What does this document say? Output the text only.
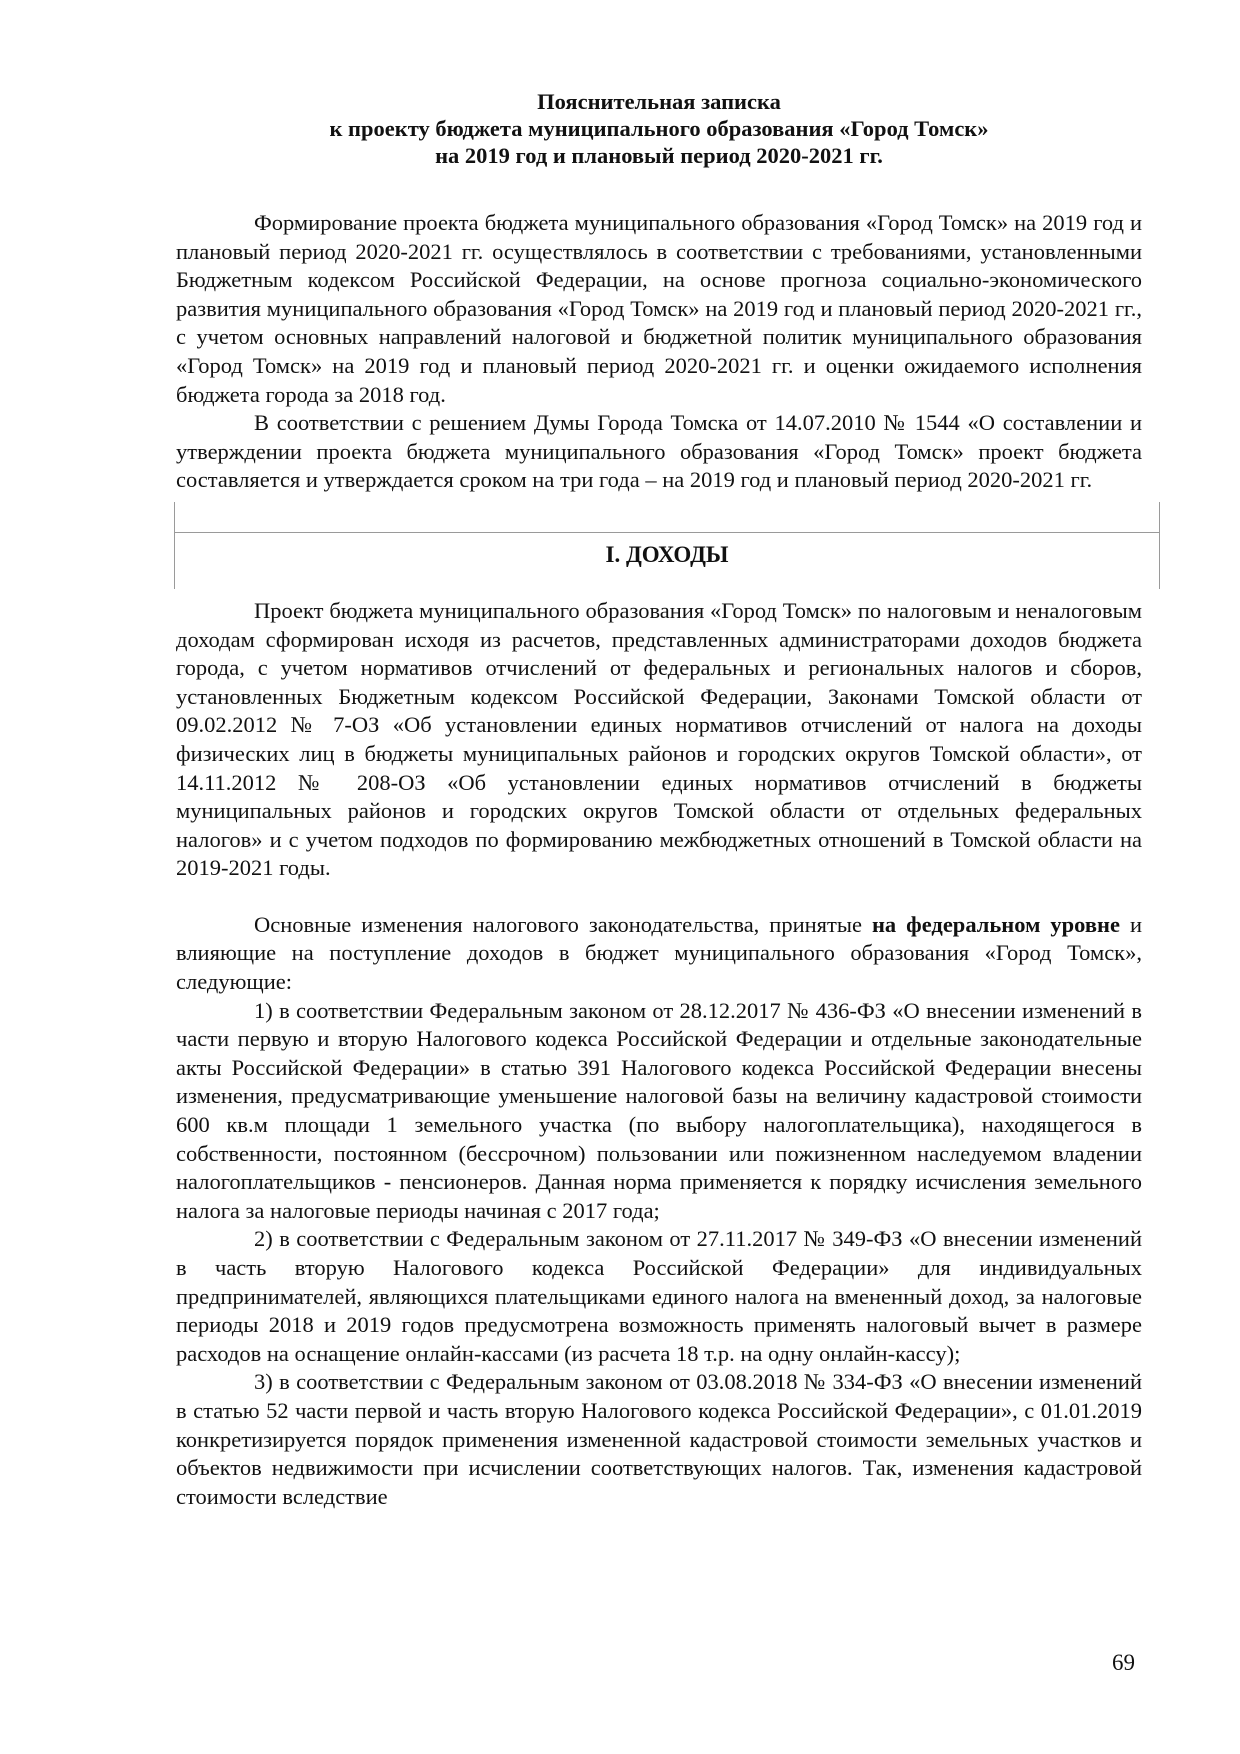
Пояснительная записка
к проекту бюджета муниципального образования «Город Томск»
на 2019 год и плановый период 2020-2021 гг.

Формирование проекта бюджета муниципального образования «Город Томск» на 2019 год и плановый период 2020-2021 гг. осуществлялось в соответствии с требованиями, установленными Бюджетным кодексом Российской Федерации, на основе прогноза социально-экономического развития муниципального образования «Город Томск» на 2019 год и плановый период 2020-2021 гг., с учетом основных направлений налоговой и бюджетной политик муниципального образования «Город Томск» на 2019 год и плановый период 2020-2021 гг. и оценки ожидаемого исполнения бюджета города за 2018 год.

В соответствии с решением Думы Города Томска от 14.07.2010 № 1544 «О составлении и утверждении проекта бюджета муниципального образования «Город Томск» проект бюджета составляется и утверждается сроком на три года – на 2019 год и плановый период 2020-2021 гг.

I. ДОХОДЫ

Проект бюджета муниципального образования «Город Томск» по налоговым и неналоговым доходам сформирован исходя из расчетов, представленных администраторами доходов бюджета города, с учетом нормативов отчислений от федеральных и региональных налогов и сборов, установленных Бюджетным кодексом Российской Федерации, Законами Томской области от 09.02.2012 № 7-ОЗ «Об установлении единых нормативов отчислений от налога на доходы физических лиц в бюджеты муниципальных районов и городских округов Томской области», от 14.11.2012 № 208-ОЗ «Об установлении единых нормативов отчислений в бюджеты муниципальных районов и городских округов Томской области от отдельных федеральных налогов» и с учетом подходов по формированию межбюджетных отношений в Томской области на 2019-2021 годы.

Основные изменения налогового законодательства, принятые на федеральном уровне и влияющие на поступление доходов в бюджет муниципального образования «Город Томск», следующие:

1) в соответствии Федеральным законом от 28.12.2017 № 436-ФЗ «О внесении изменений в части первую и вторую Налогового кодекса Российской Федерации и отдельные законодательные акты Российской Федерации» в статью 391 Налогового кодекса Российской Федерации внесены изменения, предусматривающие уменьшение налоговой базы на величину кадастровой стоимости 600 кв.м площади 1 земельного участка (по выбору налогоплательщика), находящегося в собственности, постоянном (бессрочном) пользовании или пожизненном наследуемом владении налогоплательщиков - пенсионеров. Данная норма применяется к порядку исчисления земельного налога за налоговые периоды начиная с 2017 года;

2) в соответствии с Федеральным законом от 27.11.2017 № 349-ФЗ «О внесении изменений в часть вторую Налогового кодекса Российской Федерации» для индивидуальных предпринимателей, являющихся плательщиками единого налога на вмененный доход, за налоговые периоды 2018 и 2019 годов предусмотрена возможность применять налоговый вычет в размере расходов на оснащение онлайн-кассами (из расчета 18 т.р. на одну онлайн-кассу);

3) в соответствии с Федеральным законом от 03.08.2018 № 334-ФЗ «О внесении изменений в статью 52 части первой и часть вторую Налогового кодекса Российской Федерации», с 01.01.2019 конкретизируется порядок применения измененной кадастровой стоимости земельных участков и объектов недвижимости при исчислении соответствующих налогов. Так, изменения кадастровой стоимости вследствие

69
